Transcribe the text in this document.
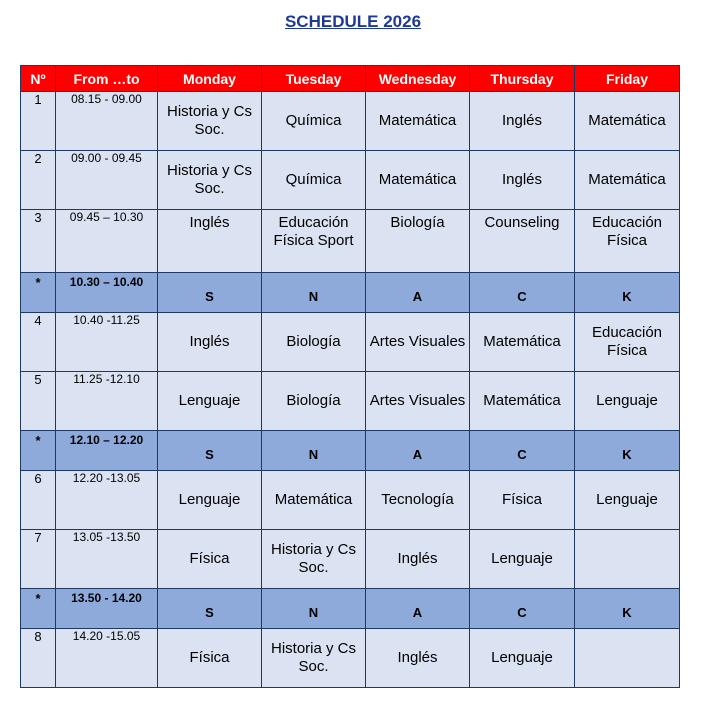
SCHEDULE 2026
Nº	From …to	Monday	Tuesday	Wednesday	Thursday	Friday
1	08.15 - 09.00	Historia y Cs Soc.	Química	Matemática	Inglés	Matemática
2	09.00 - 09.45	Historia y Cs Soc.	Química	Matemática	Inglés	Matemática
3	09.45 – 10.30	Inglés	Educación Física Sport	Biología	Counseling	Educación Física
*	10.30 – 10.40	S	N	A	C	K
4	10.40 -11.25	Inglés	Biología	Artes Visuales	Matemática	Educación Física
5	11.25 -12.10	Lenguaje	Biología	Artes Visuales	Matemática	Lenguaje
*	12.10 – 12.20	S	N	A	C	K
6	12.20 -13.05	Lenguaje	Matemática	Tecnología	Física	Lenguaje
7	13.05 -13.50	Física	Historia y Cs Soc.	Inglés	Lenguaje	
*	13.50 - 14.20	S	N	A	C	K
8	14.20 -15.05	Física	Historia y Cs Soc.	Inglés	Lenguaje	
